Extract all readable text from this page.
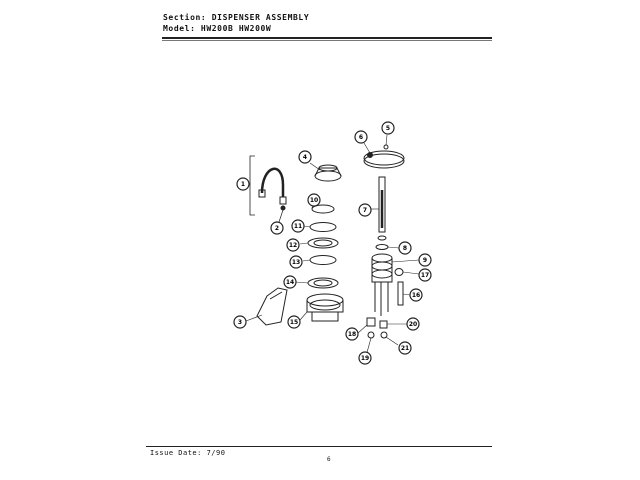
Section: DISPENSER ASSEMBLY
Model: HW200B HW200W
1
2
3
4
5
6
7
8
9
10
11
12
13
14
15
16
17
18
19
20
21
Issue Date: 7/90
6
